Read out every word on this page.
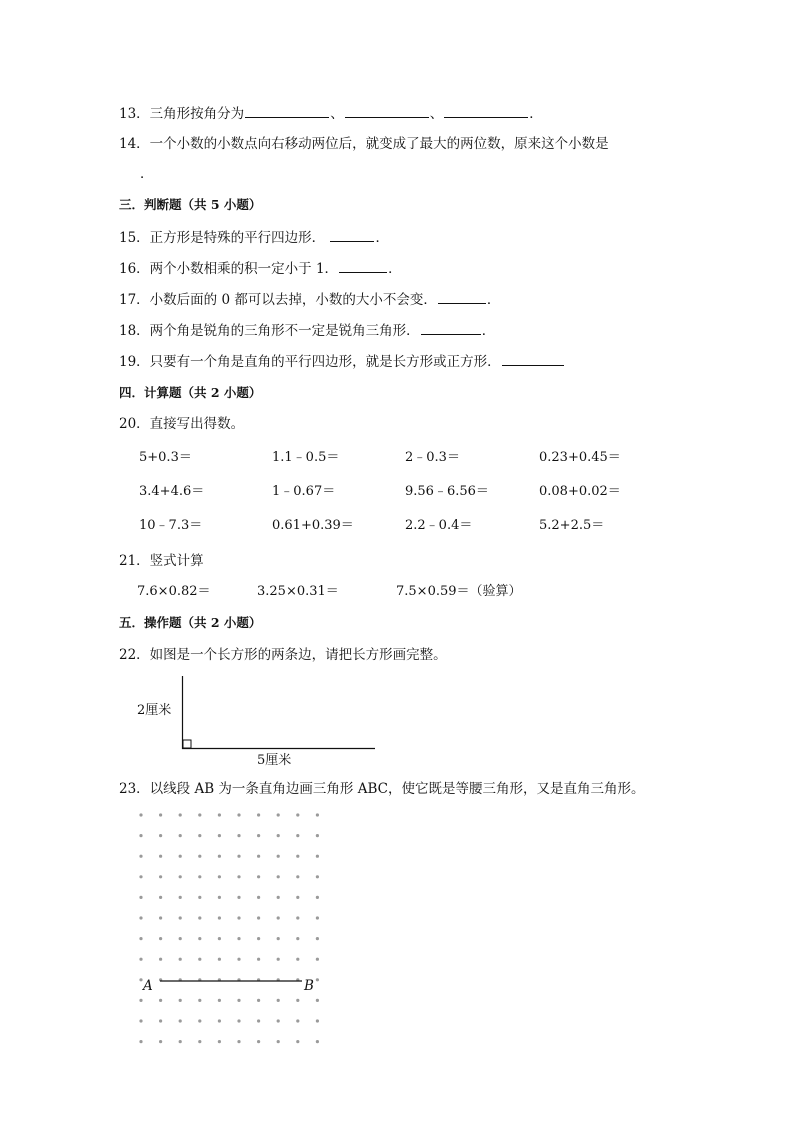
13．三角形按角分为	、	、	．
14．一个小数的小数点向右移动两位后，就变成了最大的两位数，原来这个小数是
．
三．判断题（共 5 小题）
15．正方形是特殊的平行四边形．	．
16．两个小数相乘的积一定小于 1．	．
17．小数后面的 0 都可以去掉，小数的大小不会变．	．
18．两个角是锐角的三角形不一定是锐角三角形．	．
19．只要有一个角是直角的平行四边形，就是长方形或正方形．
四．计算题（共 2 小题）
20．直接写出得数。
5+0.3＝	1.1﹣0.5＝	2﹣0.3＝	0.23+0.45＝
3.4+4.6＝	1﹣0.67＝	9.56﹣6.56＝	0.08+0.02＝
10﹣7.3＝	0.61+0.39＝	2.2﹣0.4＝	5.2+2.5＝
21．竖式计算
7.6×0.82＝	3.25×0.31＝	7.5×0.59＝（验算）
五．操作题（共 2 小题）
22．如图是一个长方形的两条边，请把长方形画完整。
2厘米
5厘米
23．以线段 AB 为一条直角边画三角形 ABC，使它既是等腰三角形，又是直角三角形。
A	B
